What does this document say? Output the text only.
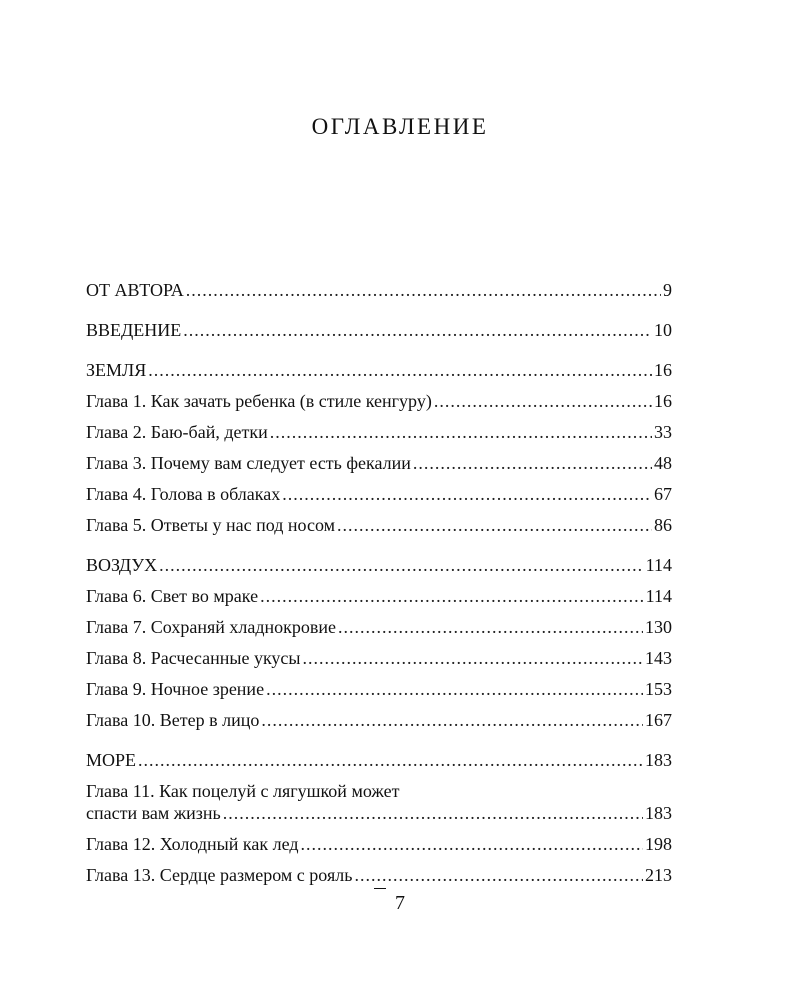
ОГЛАВЛЕНИЕ
ОТ АВТОРА .....	9
ВВЕДЕНИЕ .....	10
ЗЕМЛЯ .....	16
Глава 1. Как зачать ребенка (в стиле кенгуру) .....	16
Глава 2. Баю-бай, детки .....	33
Глава 3. Почему вам следует есть фекалии .....	48
Глава 4. Голова в облаках .....	67
Глава 5. Ответы у нас под носом .....	86
ВОЗДУХ .....	114
Глава 6. Свет во мраке .....	114
Глава 7. Сохраняй хладнокровие .....	130
Глава 8. Расчесанные укусы .....	143
Глава 9. Ночное зрение .....	153
Глава 10. Ветер в лицо .....	167
МОРЕ .....	183
Глава 11. Как поцелуй с лягушкой может
спасти вам жизнь .....	183
Глава 12. Холодный как лед .....	198
Глава 13. Сердце размером с рояль .....	213
7
